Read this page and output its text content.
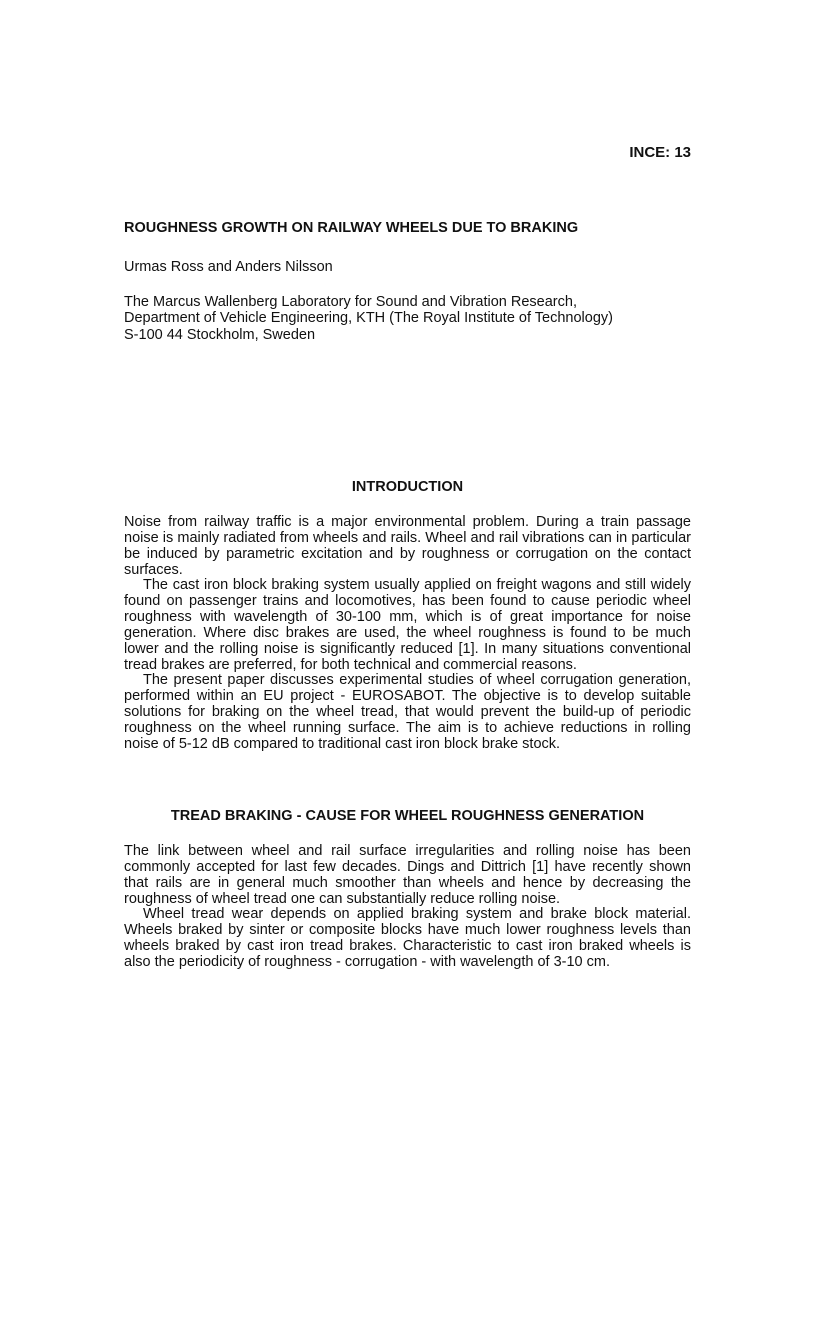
INCE: 13
ROUGHNESS GROWTH ON RAILWAY WHEELS DUE TO BRAKING
Urmas Ross and Anders Nilsson
The Marcus Wallenberg Laboratory for Sound and Vibration Research,
Department of Vehicle Engineering, KTH (The Royal Institute of Technology)
S-100 44 Stockholm, Sweden
INTRODUCTION

Noise from railway traffic is a major environmental problem. During a train passage noise is mainly radiated from wheels and rails. Wheel and rail vibrations can in particular be induced by parametric excitation and by roughness or corrugation on the contact surfaces.

The cast iron block braking system usually applied on freight wagons and still widely found on passenger trains and locomotives, has been found to cause periodic wheel roughness with wavelength of 30-100 mm, which is of great importance for noise generation. Where disc brakes are used, the wheel roughness is found to be much lower and the rolling noise is significantly reduced [1]. In many situations conventional tread brakes are preferred, for both technical and commercial reasons.

The present paper discusses experimental studies of wheel corrugation generation, performed within an EU project - EUROSABOT. The objective is to develop suitable solutions for braking on the wheel tread, that would prevent the build-up of periodic roughness on the wheel running surface. The aim is to achieve reductions in rolling noise of 5-12 dB compared to traditional cast iron block brake stock.

TREAD BRAKING - CAUSE FOR WHEEL ROUGHNESS GENERATION

The link between wheel and rail surface irregularities and rolling noise has been commonly accepted for last few decades. Dings and Dittrich [1] have recently shown that rails are in general much smoother than wheels and hence by decreasing the roughness of wheel tread one can substantially reduce rolling noise.

Wheel tread wear depends on applied braking system and brake block material. Wheels braked by sinter or composite blocks have much lower roughness levels than wheels braked by cast iron tread brakes. Characteristic to cast iron braked wheels is also the periodicity of roughness - corrugation - with wavelength of 3-10 cm.
